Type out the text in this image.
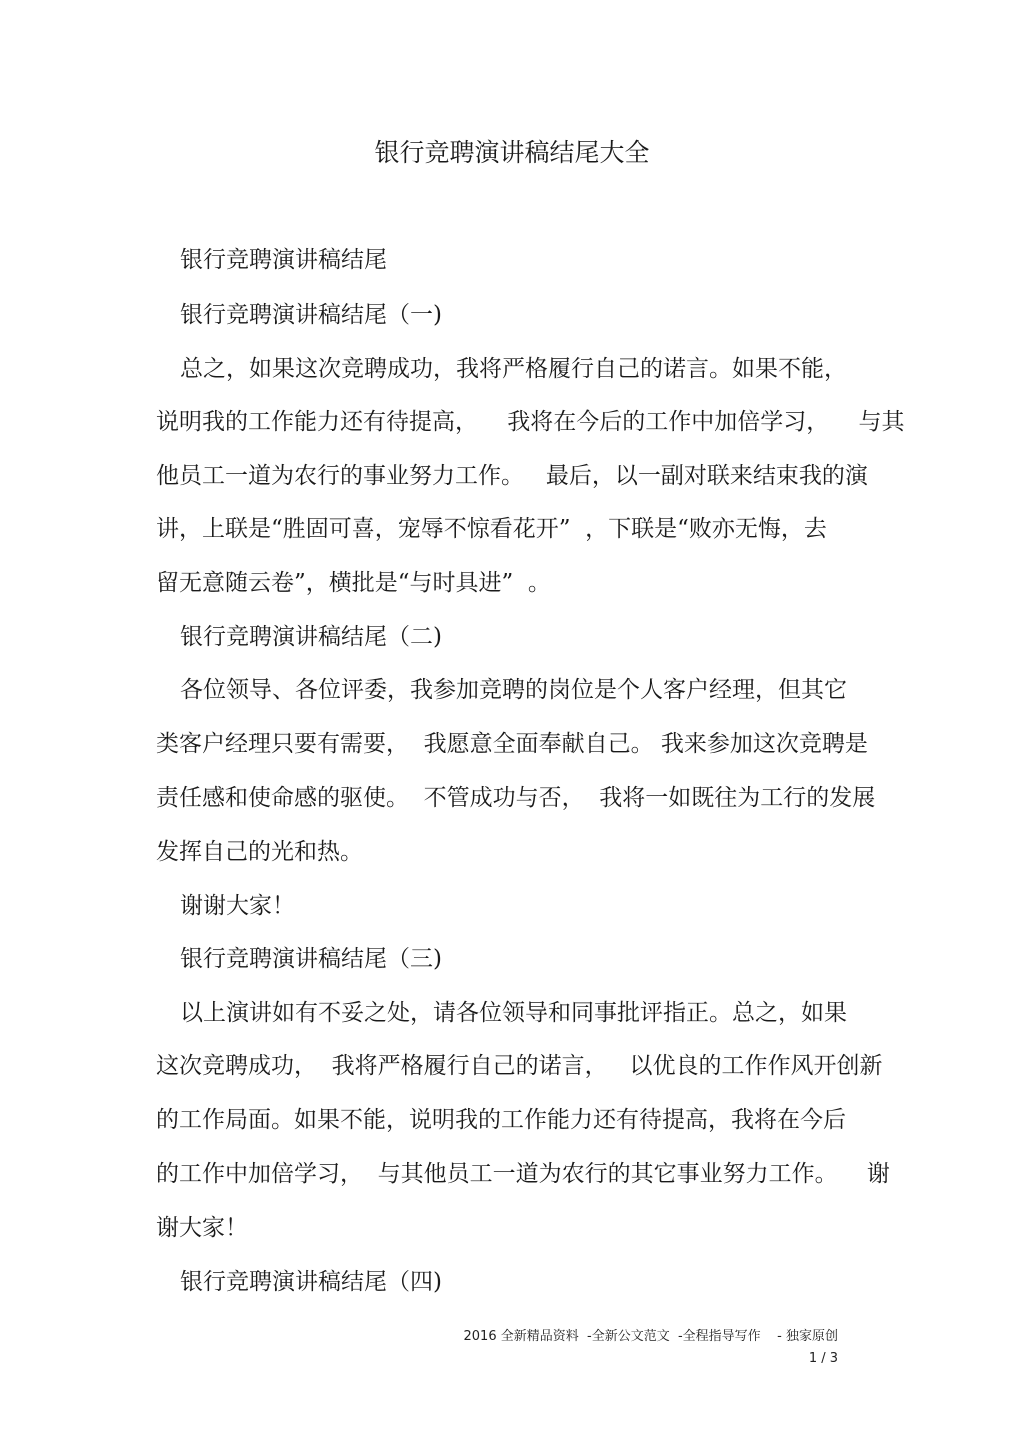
银行竞聘演讲稿结尾大全
银行竞聘演讲稿结尾
银行竞聘演讲稿结尾（一)
总之，如果这次竞聘成功，我将严格履行自己的诺言。如果不能，
说明我的工作能力还有待提高，    我将在今后的工作中加倍学习，    与其
他员工一道为农行的事业努力工作。   最后，以一副对联来结束我的演
讲，上联是“胜固可喜，宠辱不惊看花开”  ，下联是“败亦无悔，去
留无意随云卷”，横批是“与时具进”  。
银行竞聘演讲稿结尾（二)
各位领导、各位评委，我参加竞聘的岗位是个人客户经理，但其它
类客户经理只要有需要，  我愿意全面奉献自己。 我来参加这次竞聘是
责任感和使命感的驱使。  不管成功与否，  我将一如既往为工行的发展
发挥自己的光和热。
谢谢大家！
银行竞聘演讲稿结尾（三)
以上演讲如有不妥之处，请各位领导和同事批评指正。总之，如果
这次竞聘成功，  我将严格履行自己的诺言，   以优良的工作作风开创新
的工作局面。如果不能，说明我的工作能力还有待提高，我将在今后
的工作中加倍学习，  与其他员工一道为农行的其它事业努力工作。    谢
谢大家！
银行竞聘演讲稿结尾（四)
2016 全新精品资料  -全新公文范文  -全程指导写作    - 独家原创
1 / 3
